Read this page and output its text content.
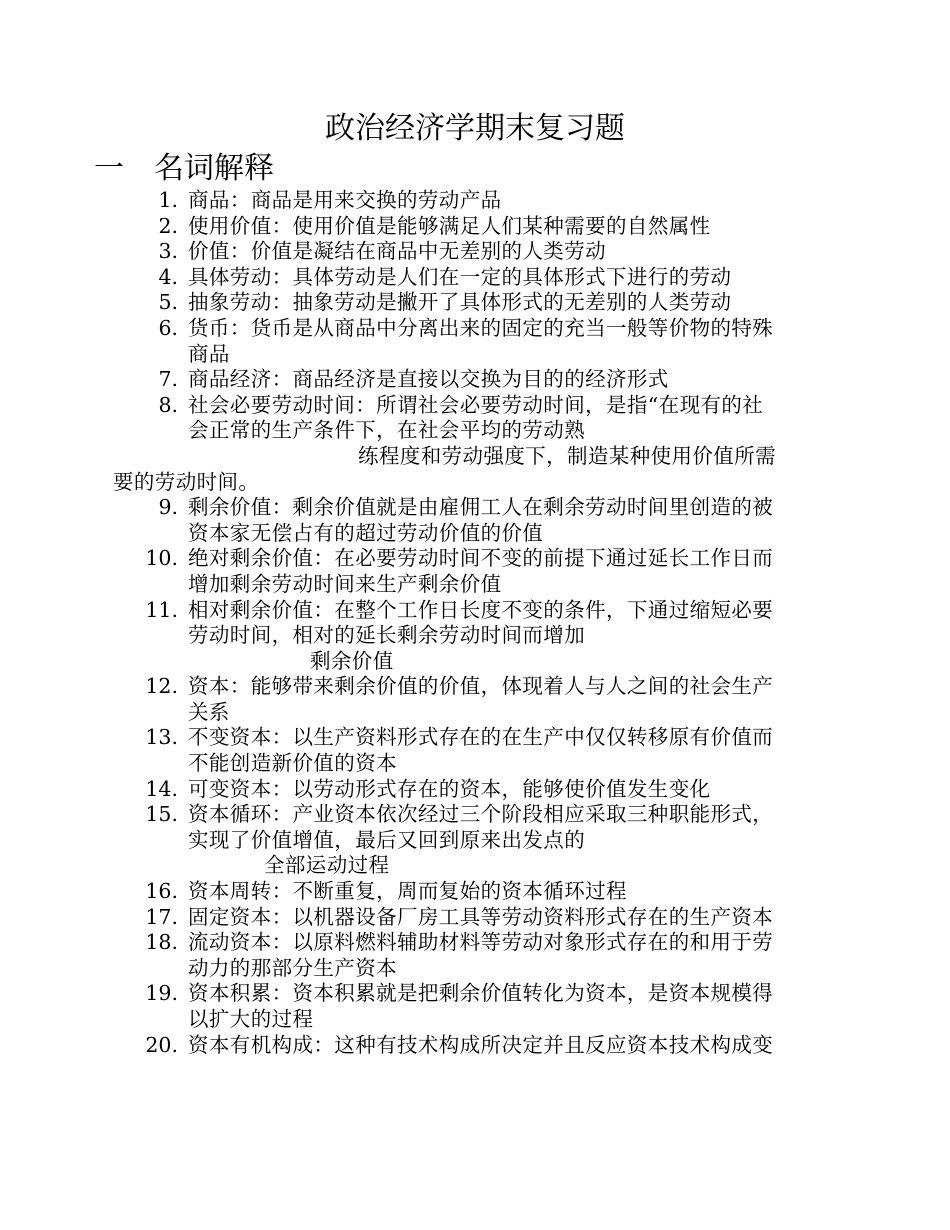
政治经济学期末复习题
一 名词解释
1. 商品：商品是用来交换的劳动产品
2. 使用价值：使用价值是能够满足人们某种需要的自然属性
3. 价值：价值是凝结在商品中无差别的人类劳动
4. 具体劳动：具体劳动是人们在一定的具体形式下进行的劳动
5. 抽象劳动：抽象劳动是撇开了具体形式的无差别的人类劳动
6. 货币：货币是从商品中分离出来的固定的充当一般等价物的特殊
商品
7. 商品经济：商品经济是直接以交换为目的的经济形式
8. 社会必要劳动时间：所谓社会必要劳动时间，是指“在现有的社
会正常的生产条件下，在社会平均的劳动熟
练程度和劳动强度下，制造某种使用价值所需
要的劳动时间。
9. 剩余价值：剩余价值就是由雇佣工人在剩余劳动时间里创造的被
资本家无偿占有的超过劳动价值的价值
10. 绝对剩余价值：在必要劳动时间不变的前提下通过延长工作日而
增加剩余劳动时间来生产剩余价值
11. 相对剩余价值：在整个工作日长度不变的条件，下通过缩短必要
劳动时间，相对的延长剩余劳动时间而增加
剩余价值
12. 资本：能够带来剩余价值的价值，体现着人与人之间的社会生产
关系
13. 不变资本：以生产资料形式存在的在生产中仅仅转移原有价值而
不能创造新价值的资本
14. 可变资本：以劳动形式存在的资本，能够使价值发生变化
15. 资本循环：产业资本依次经过三个阶段相应采取三种职能形式，
实现了价值增值，最后又回到原来出发点的
全部运动过程
16. 资本周转：不断重复，周而复始的资本循环过程
17. 固定资本：以机器设备厂房工具等劳动资料形式存在的生产资本
18. 流动资本：以原料燃料辅助材料等劳动对象形式存在的和用于劳
动力的那部分生产资本
19. 资本积累：资本积累就是把剩余价值转化为资本，是资本规模得
以扩大的过程
20. 资本有机构成：这种有技术构成所决定并且反应资本技术构成变
